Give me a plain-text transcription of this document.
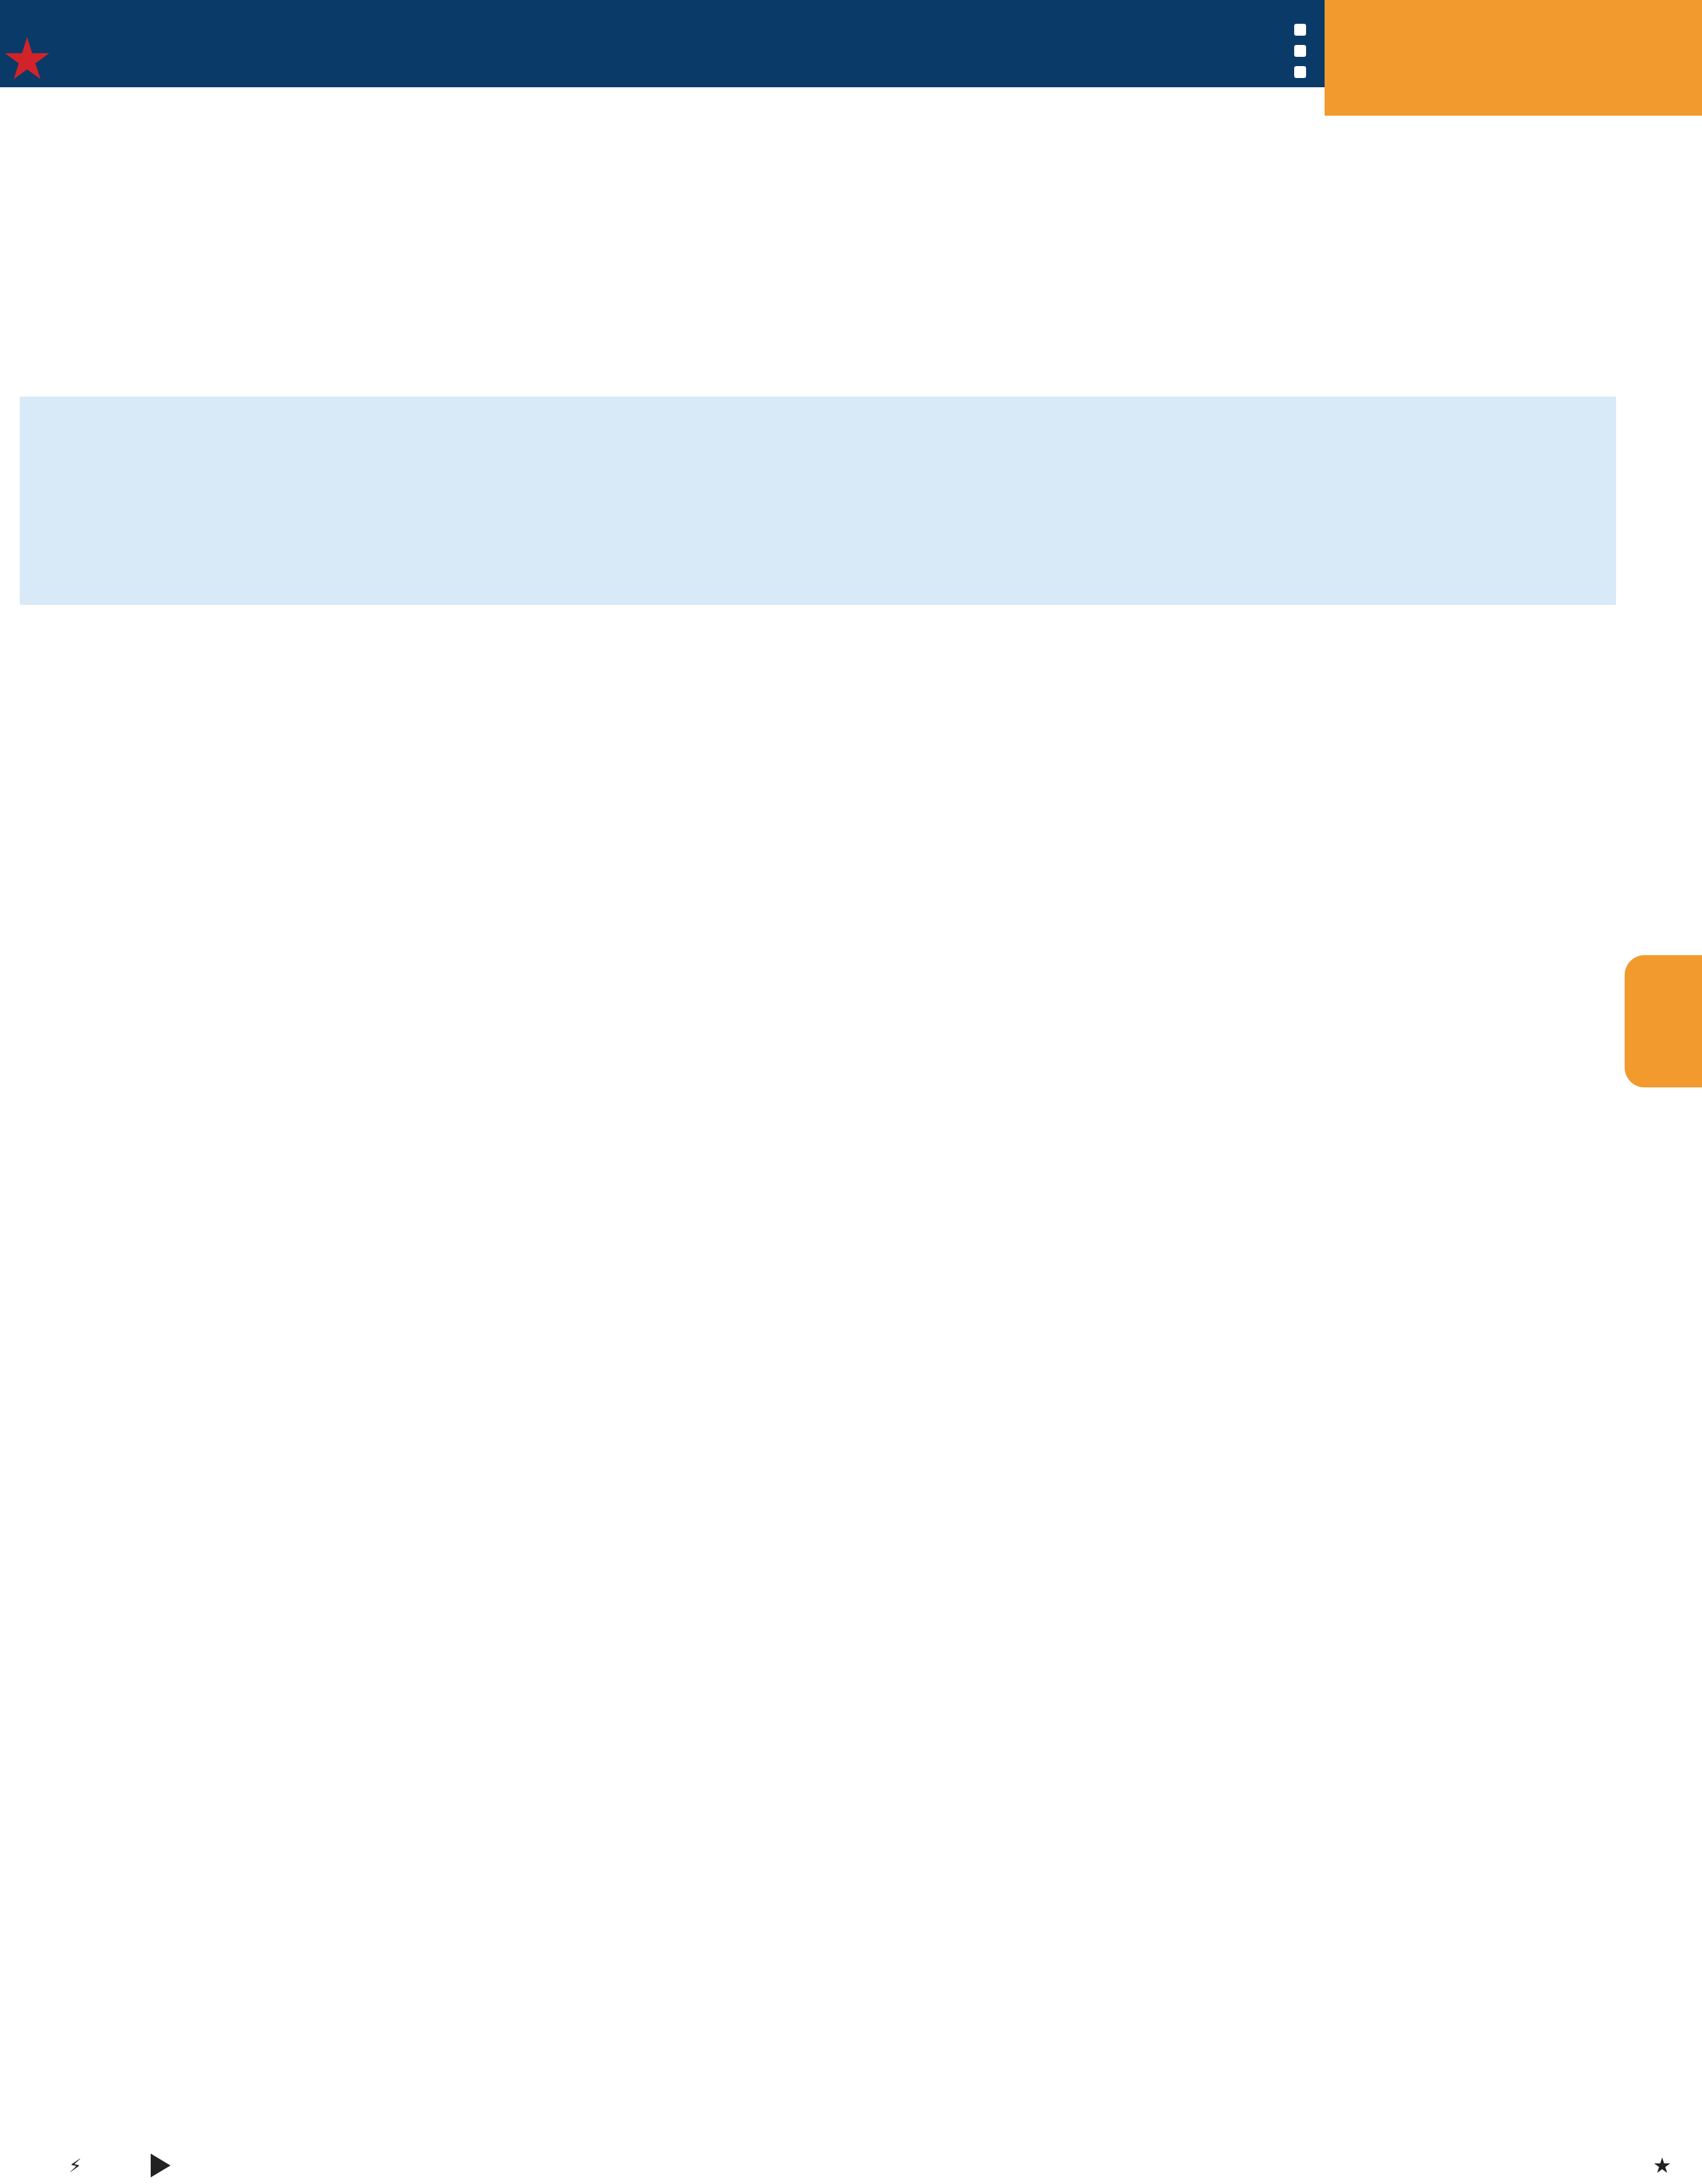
⚡	★
